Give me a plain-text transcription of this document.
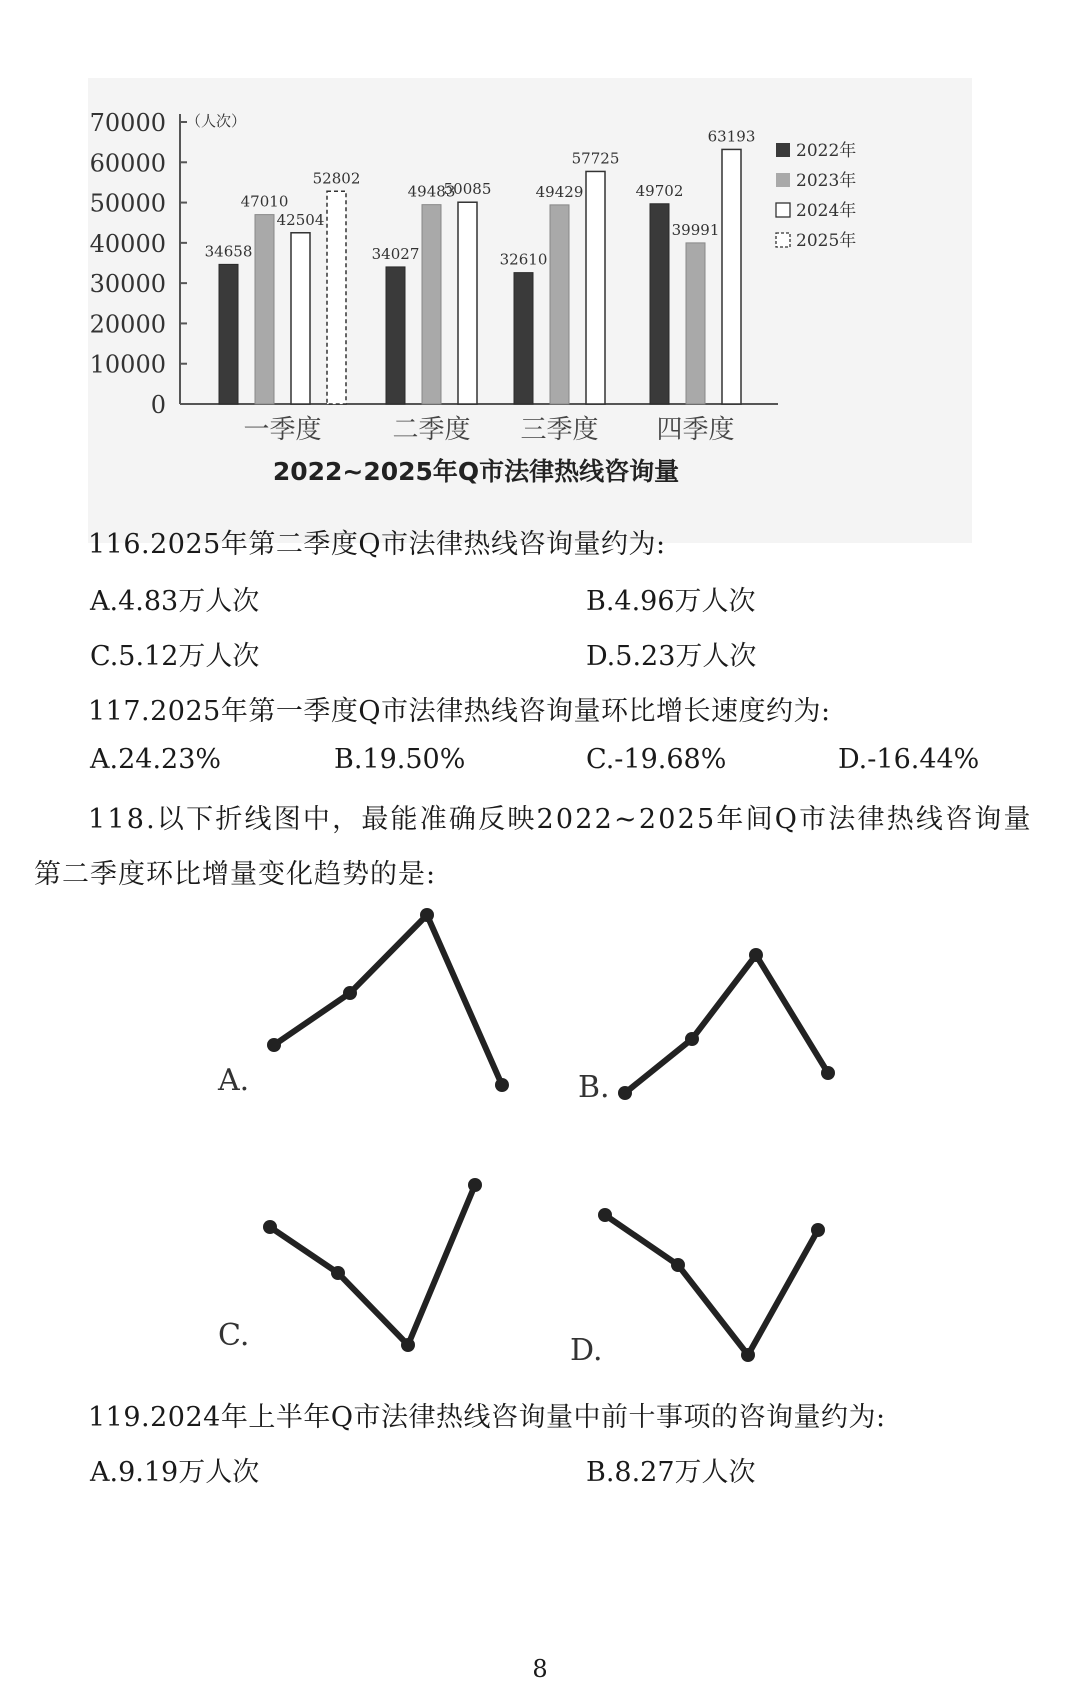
70000
60000
50000
40000
30000
20000
10000
0
34658
47010
42504
52802
34027
49483
50085
32610
49429
57725
49702
39991
63193
一季度	二季度 三季度 四季度
2022年
2023年
2024年
2025年
（人次）
2022~2025年Q市法律热线咨询量
116.2025年第二季度Q市法律热线咨询量约为:
A.4.83万人次	B.4.96万人次
C.5.12万人次	D.5.23万人次
117.2025年第一季度Q市法律热线咨询量环比增长速度约为:
A.24.23%	B.19.50%	C.-19.68%	D.-16.44%
118.以下折线图中，最能准确反映2022~2025年间Q市法律热线咨询量
第二季度环比增量变化趋势的是:
A.	B.
C.	D.
119.2024年上半年Q市法律热线咨询量中前十事项的咨询量约为:
A.9.19万人次	B.8.27万人次
8
